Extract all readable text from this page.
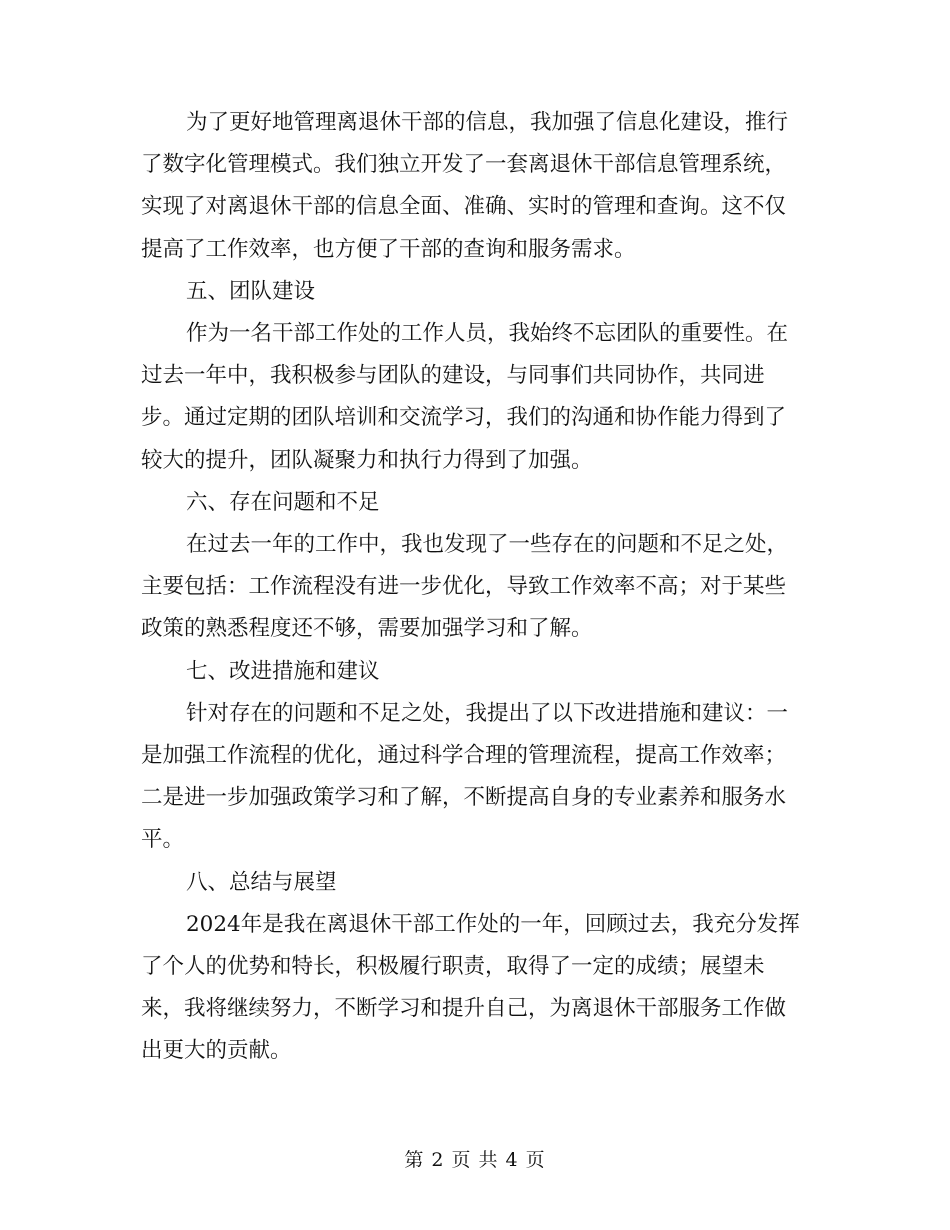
为了更好地管理离退休干部的信息，我加强了信息化建设，推行了数字化管理模式。我们独立开发了一套离退休干部信息管理系统，实现了对离退休干部的信息全面、准确、实时的管理和查询。这不仅提高了工作效率，也方便了干部的查询和服务需求。

五、团队建设

作为一名干部工作处的工作人员，我始终不忘团队的重要性。在过去一年中，我积极参与团队的建设，与同事们共同协作，共同进步。通过定期的团队培训和交流学习，我们的沟通和协作能力得到了较大的提升，团队凝聚力和执行力得到了加强。

六、存在问题和不足

在过去一年的工作中，我也发现了一些存在的问题和不足之处，主要包括：工作流程没有进一步优化，导致工作效率不高；对于某些政策的熟悉程度还不够，需要加强学习和了解。

七、改进措施和建议

针对存在的问题和不足之处，我提出了以下改进措施和建议：一是加强工作流程的优化，通过科学合理的管理流程，提高工作效率；二是进一步加强政策学习和了解，不断提高自身的专业素养和服务水平。

八、总结与展望

2024年是我在离退休干部工作处的一年，回顾过去，我充分发挥了个人的优势和特长，积极履行职责，取得了一定的成绩；展望未来，我将继续努力，不断学习和提升自己，为离退休干部服务工作做出更大的贡献。

第 2 页 共 4 页
